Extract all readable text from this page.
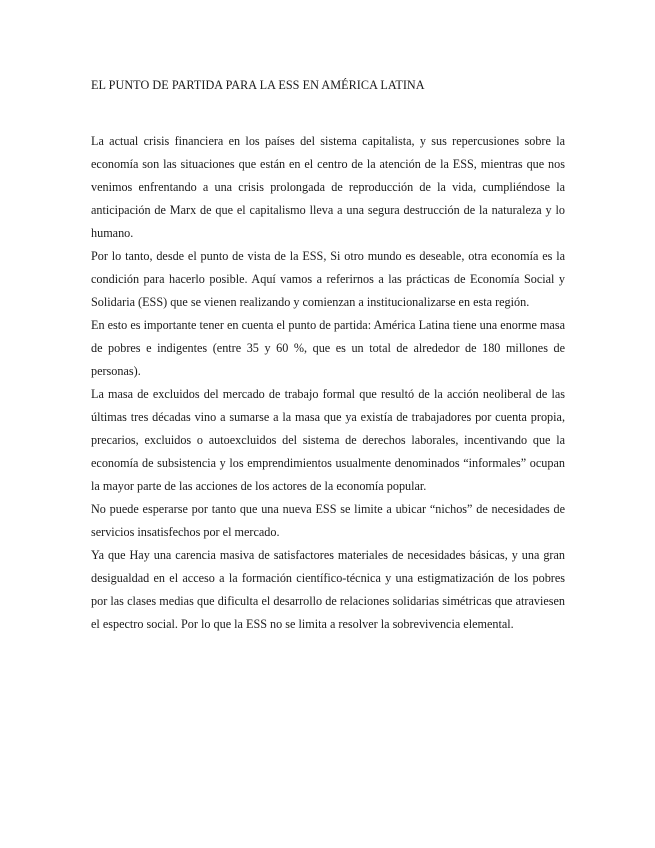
EL PUNTO DE PARTIDA PARA LA ESS EN AMÉRICA LATINA

La actual crisis financiera en los países del sistema capitalista, y sus repercusiones sobre la economía son las situaciones que están en el centro de la atención de la ESS, mientras que nos venimos enfrentando a una crisis prolongada de reproducción de la vida, cumpliéndose la anticipación de Marx de que el capitalismo lleva a una segura destrucción de la naturaleza y lo humano.

Por lo tanto, desde el punto de vista de la ESS, Si otro mundo es deseable, otra economía es la condición para hacerlo posible. Aquí vamos a referirnos a las prácticas de Economía Social y Solidaria (ESS) que se vienen realizando y comienzan a institucionalizarse en esta región.

En esto es importante tener en cuenta el punto de partida: América Latina tiene una enorme masa de pobres e indigentes (entre 35 y 60 %, que es un total de alrededor de 180 millones de personas).

La masa de excluidos del mercado de trabajo formal que resultó de la acción neoliberal de las últimas tres décadas vino a sumarse a la masa que ya existía de trabajadores por cuenta propia, precarios, excluidos o autoexcluidos del sistema de derechos laborales, incentivando que la economía de subsistencia y los emprendimientos usualmente denominados “informales” ocupan la mayor parte de las acciones de los actores de la economía popular.

No puede esperarse por tanto que una nueva ESS se limite a ubicar “nichos” de necesidades de servicios insatisfechos por el mercado.

Ya que Hay una carencia masiva de satisfactores materiales de necesidades básicas, y una gran desigualdad en el acceso a la formación científico-técnica y una estigmatización de los pobres por las clases medias que dificulta el desarrollo de relaciones solidarias simétricas que atraviesen el espectro social. Por lo que la ESS no se limita a resolver la sobrevivencia elemental.
